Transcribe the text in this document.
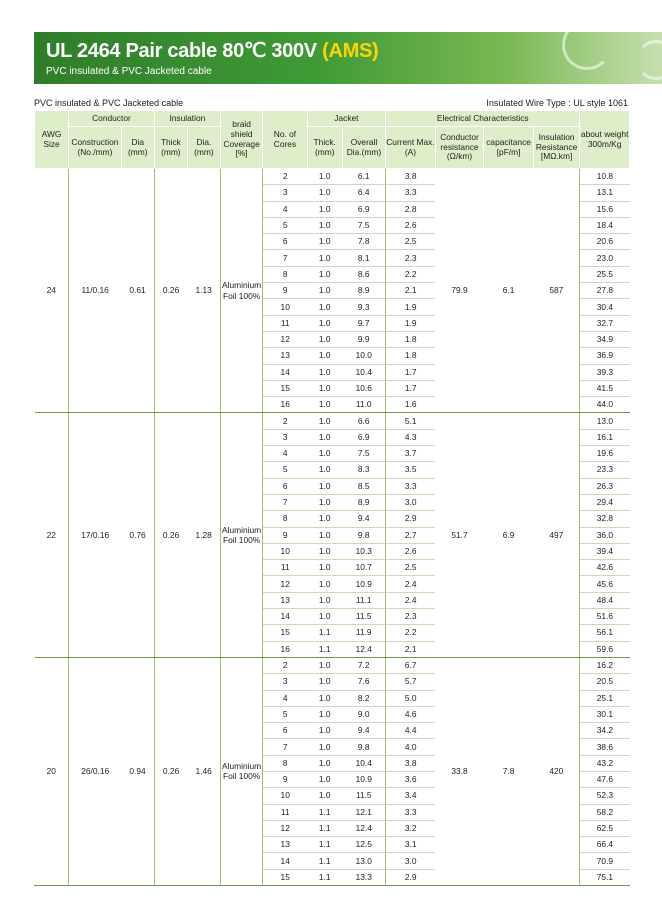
UL 2464 Pair cable 80℃ 300V (AMS)
PVC insulated & PVC Jacketed cable
PVC insulated & PVC Jacketed cable	Insulated Wire Type : UL style 1061
AWG Size	Conductor		Insulation		braid shield Coverage [%]	No. of Cores	Jacket		Electrical Characteristics				about weight 300m/Kg
	Construction (No./mm)	Dia (mm)	Thick (mm)	Dia. (mm)			Thick. (mm)	Overall Dia.(mm)	Current Max.(A)	Conductor resistance (Ω/km)	capacitance [pF/m]	Insulation Resistance [MΩ.km]	
24	11/0.16	0.61	0.26	1.13	Aluminium Foil 100%	2	1.0	6.1	3.8	79.9	6.1	587	10.8
						3	1.0	6.4	3.3				13.1
						4	1.0	6.9	2.8				15.6
						5	1.0	7.5	2.6				18.4
						6	1.0	7.8	2.5				20.6
						7	1.0	8.1	2.3				23.0
						8	1.0	8.6	2.2				25.5
						9	1.0	8.9	2.1				27.8
						10	1.0	9.3	1.9				30.4
						11	1.0	9.7	1.9				32.7
						12	1.0	9.9	1.8				34.9
						13	1.0	10.0	1.8				36.9
						14	1.0	10.4	1.7				39.3
						15	1.0	10.6	1.7				41.5
						16	1.0	11.0	1.6				44.0
22	17/0.16	0.76	0.26	1.28	Aluminium Foil 100%	2	1.0	6.6	5.1	51.7	6.9	497	13.0
						3	1.0	6.9	4.3				16.1
						4	1.0	7.5	3.7				19.6
						5	1.0	8.3	3.5				23.3
						6	1.0	8.5	3.3				26.3
						7	1.0	8.9	3.0				29.4
						8	1.0	9.4	2.9				32.8
						9	1.0	9.8	2.7				36.0
						10	1.0	10.3	2.6				39.4
						11	1.0	10.7	2.5				42.6
						12	1.0	10.9	2.4				45.6
						13	1.0	11.1	2.4				48.4
						14	1.0	11.5	2.3				51.6
						15	1.1	11.9	2.2				56.1
						16	1.1	12.4	2.1				59.6
20	26/0.16	0.94	0.26	1.46	Aluminium Foil 100%	2	1.0	7.2	6.7	33.8	7.8	420	16.2
						3	1.0	7.6	5.7				20.5
						4	1.0	8.2	5.0				25.1
						5	1.0	9.0	4.6				30.1
						6	1.0	9.4	4.4				34.2
						7	1.0	9.8	4.0				38.6
						8	1.0	10.4	3.8				43.2
						9	1.0	10.9	3.6				47.6
						10	1.0	11.5	3.4				52.3
						11	1.1	12.1	3.3				58.2
						12	1.1	12.4	3.2				62.5
						13	1.1	12.5	3.1				66.4
						14	1.1	13.0	3.0				70.9
						15	1.1	13.3	2.9				75.1
